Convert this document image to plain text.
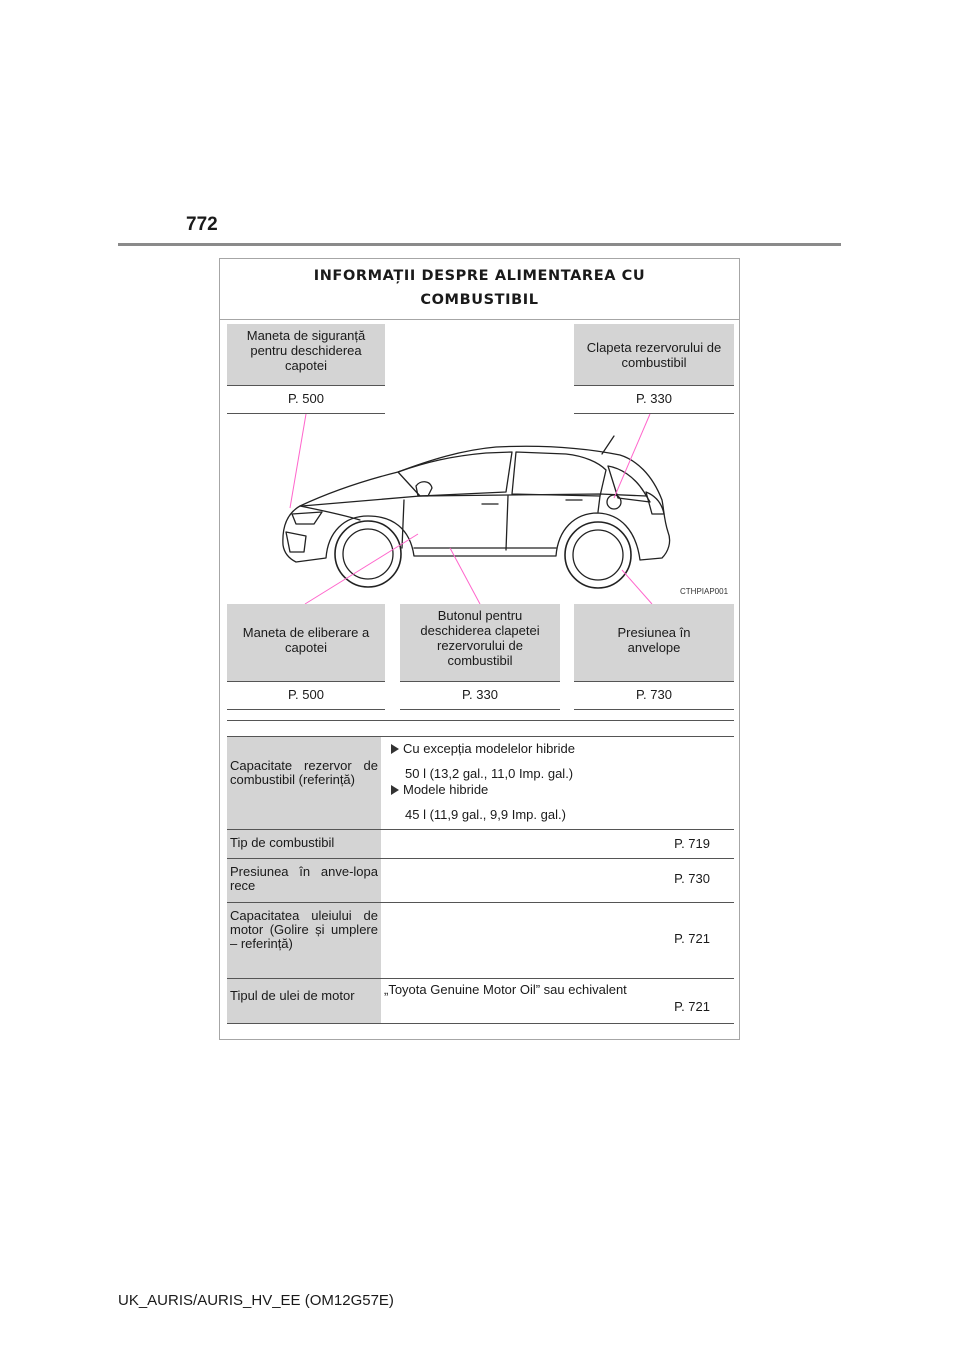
772
INFORMAȚII DESPRE ALIMENTAREA CU
COMBUSTIBIL
Maneta de siguranță pentru deschiderea capotei
P. 500
Clapeta rezervorului de combustibil
P. 330
CTHPIAP001
Maneta de eliberare a capotei
P. 500
Butonul pentru deschiderea clapetei rezervorului de combustibil
P. 330
Presiunea în anvelope
P. 730
Capacitate rezervor de combustibil (referință)
Cu excepția modelelor hibride
50 l (13,2 gal., 11,0 Imp. gal.)
Modele hibride
45 l (11,9 gal., 9,9 Imp. gal.)
Tip de combustibil	P. 719
Presiunea în anve-lopa rece	P. 730
Capacitatea uleiului de motor (Golire și umplere – referință)	P. 721
Tipul de ulei de motor	„Toyota Genuine Motor Oil” sau echivalent
P. 721
UK_AURIS/AURIS_HV_EE (OM12G57E)
